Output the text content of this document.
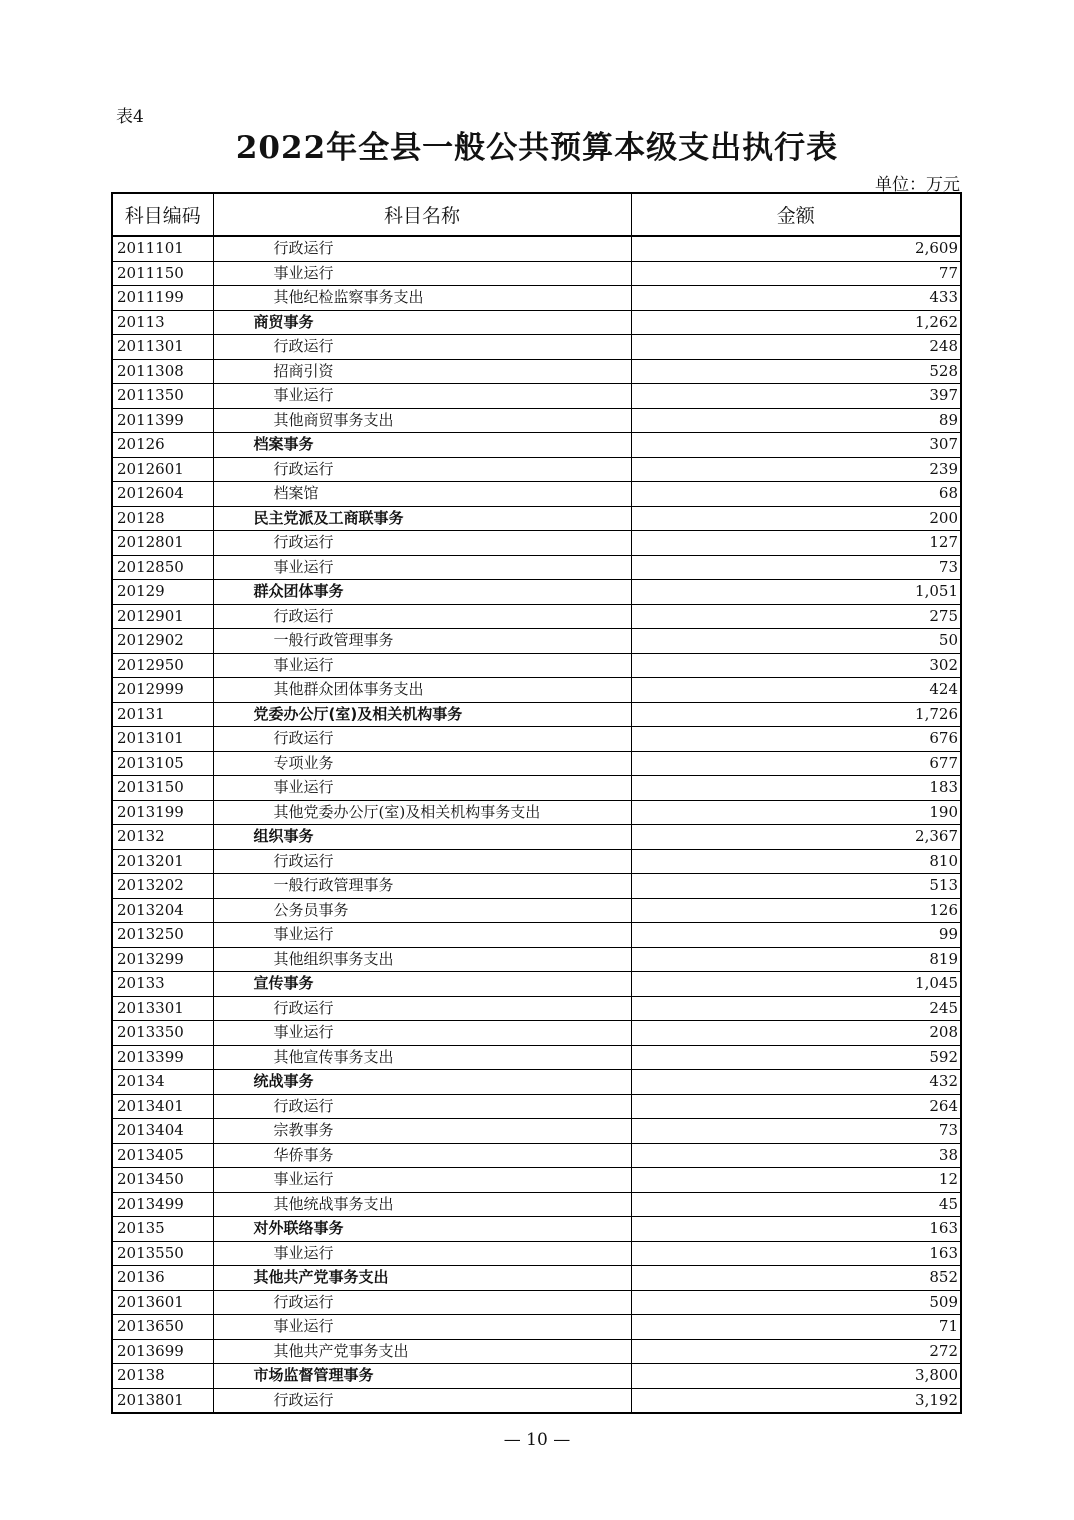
表4
2022年全县一般公共预算本级支出执行表
单位：万元
科目编码	科目名称	金额
2011101	行政运行	2,609
2011150	事业运行	77
2011199	其他纪检监察事务支出	433
20113	商贸事务	1,262
2011301	行政运行	248
2011308	招商引资	528
2011350	事业运行	397
2011399	其他商贸事务支出	89
20126	档案事务	307
2012601	行政运行	239
2012604	档案馆	68
20128	民主党派及工商联事务	200
2012801	行政运行	127
2012850	事业运行	73
20129	群众团体事务	1,051
2012901	行政运行	275
2012902	一般行政管理事务	50
2012950	事业运行	302
2012999	其他群众团体事务支出	424
20131	党委办公厅(室)及相关机构事务	1,726
2013101	行政运行	676
2013105	专项业务	677
2013150	事业运行	183
2013199	其他党委办公厅(室)及相关机构事务支出	190
20132	组织事务	2,367
2013201	行政运行	810
2013202	一般行政管理事务	513
2013204	公务员事务	126
2013250	事业运行	99
2013299	其他组织事务支出	819
20133	宣传事务	1,045
2013301	行政运行	245
2013350	事业运行	208
2013399	其他宣传事务支出	592
20134	统战事务	432
2013401	行政运行	264
2013404	宗教事务	73
2013405	华侨事务	38
2013450	事业运行	12
2013499	其他统战事务支出	45
20135	对外联络事务	163
2013550	事业运行	163
20136	其他共产党事务支出	852
2013601	行政运行	509
2013650	事业运行	71
2013699	其他共产党事务支出	272
20138	市场监督管理事务	3,800
2013801	行政运行	3,192
— 10 —
